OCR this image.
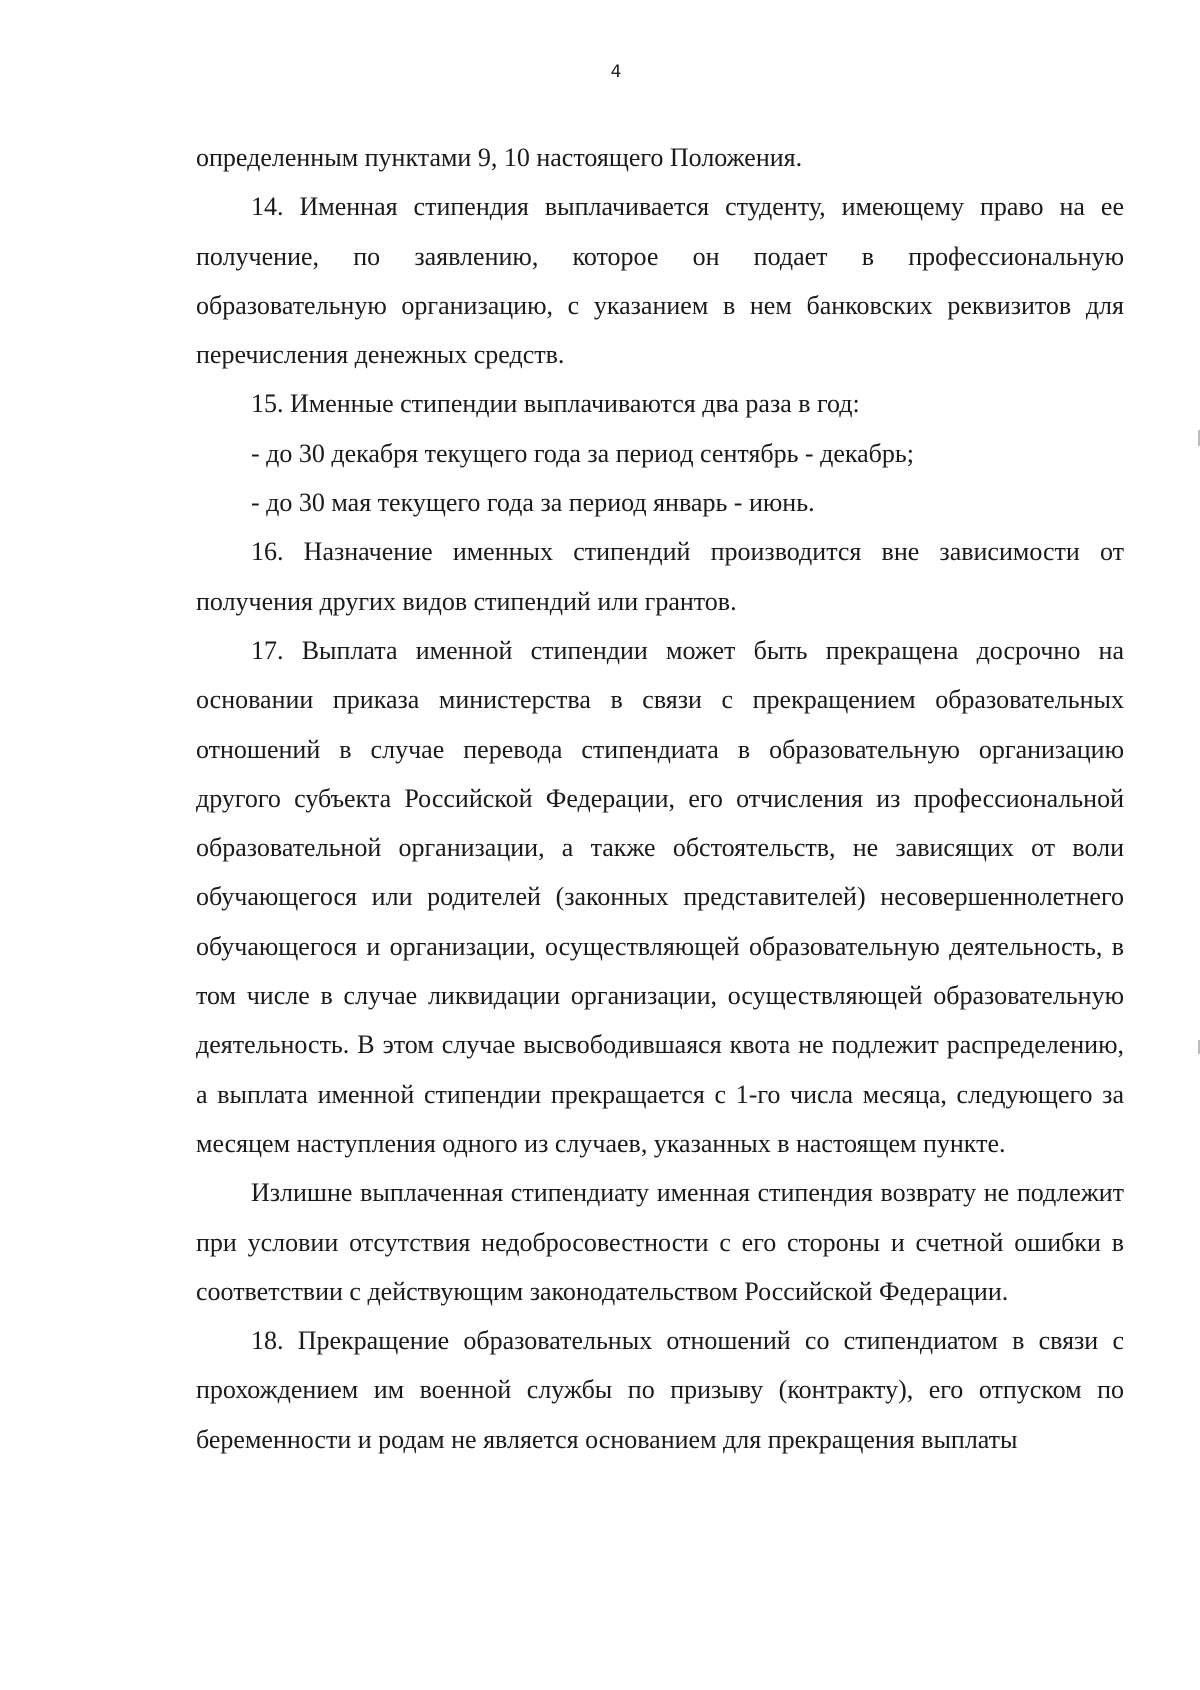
4

определенным пунктами 9, 10 настоящего Положения.

14. Именная стипендия выплачивается студенту, имеющему право на ее получение, по заявлению, которое он подает в профессиональную образовательную организацию, с указанием в нем банковских реквизитов для перечисления денежных средств.

15. Именные стипендии выплачиваются два раза в год:

- до 30 декабря текущего года за период сентябрь - декабрь;

- до 30 мая текущего года за период январь - июнь.

16. Назначение именных стипендий производится вне зависимости от получения других видов стипендий или грантов.

17. Выплата именной стипендии может быть прекращена досрочно на основании приказа министерства в связи с прекращением образовательных отношений в случае перевода стипендиата в образовательную организацию другого субъекта Российской Федерации, его отчисления из профессиональной образовательной организации, а также обстоятельств, не зависящих от воли обучающегося или родителей (законных представителей) несовершеннолетнего обучающегося и организации, осуществляющей образовательную деятельность, в том числе в случае ликвидации организации, осуществляющей образовательную деятельность. В этом случае высвободившаяся квота не подлежит распределению, а выплата именной стипендии прекращается с 1-го числа месяца, следующего за месяцем наступления одного из случаев, указанных в настоящем пункте.

Излишне выплаченная стипендиату именная стипендия возврату не подлежит при условии отсутствия недобросовестности с его стороны и счетной ошибки в соответствии с действующим законодательством Российской Федерации.

18. Прекращение образовательных отношений со стипендиатом в связи с прохождением им военной службы по призыву (контракту), его отпуском по беременности и родам не является основанием для прекращения выплаты
